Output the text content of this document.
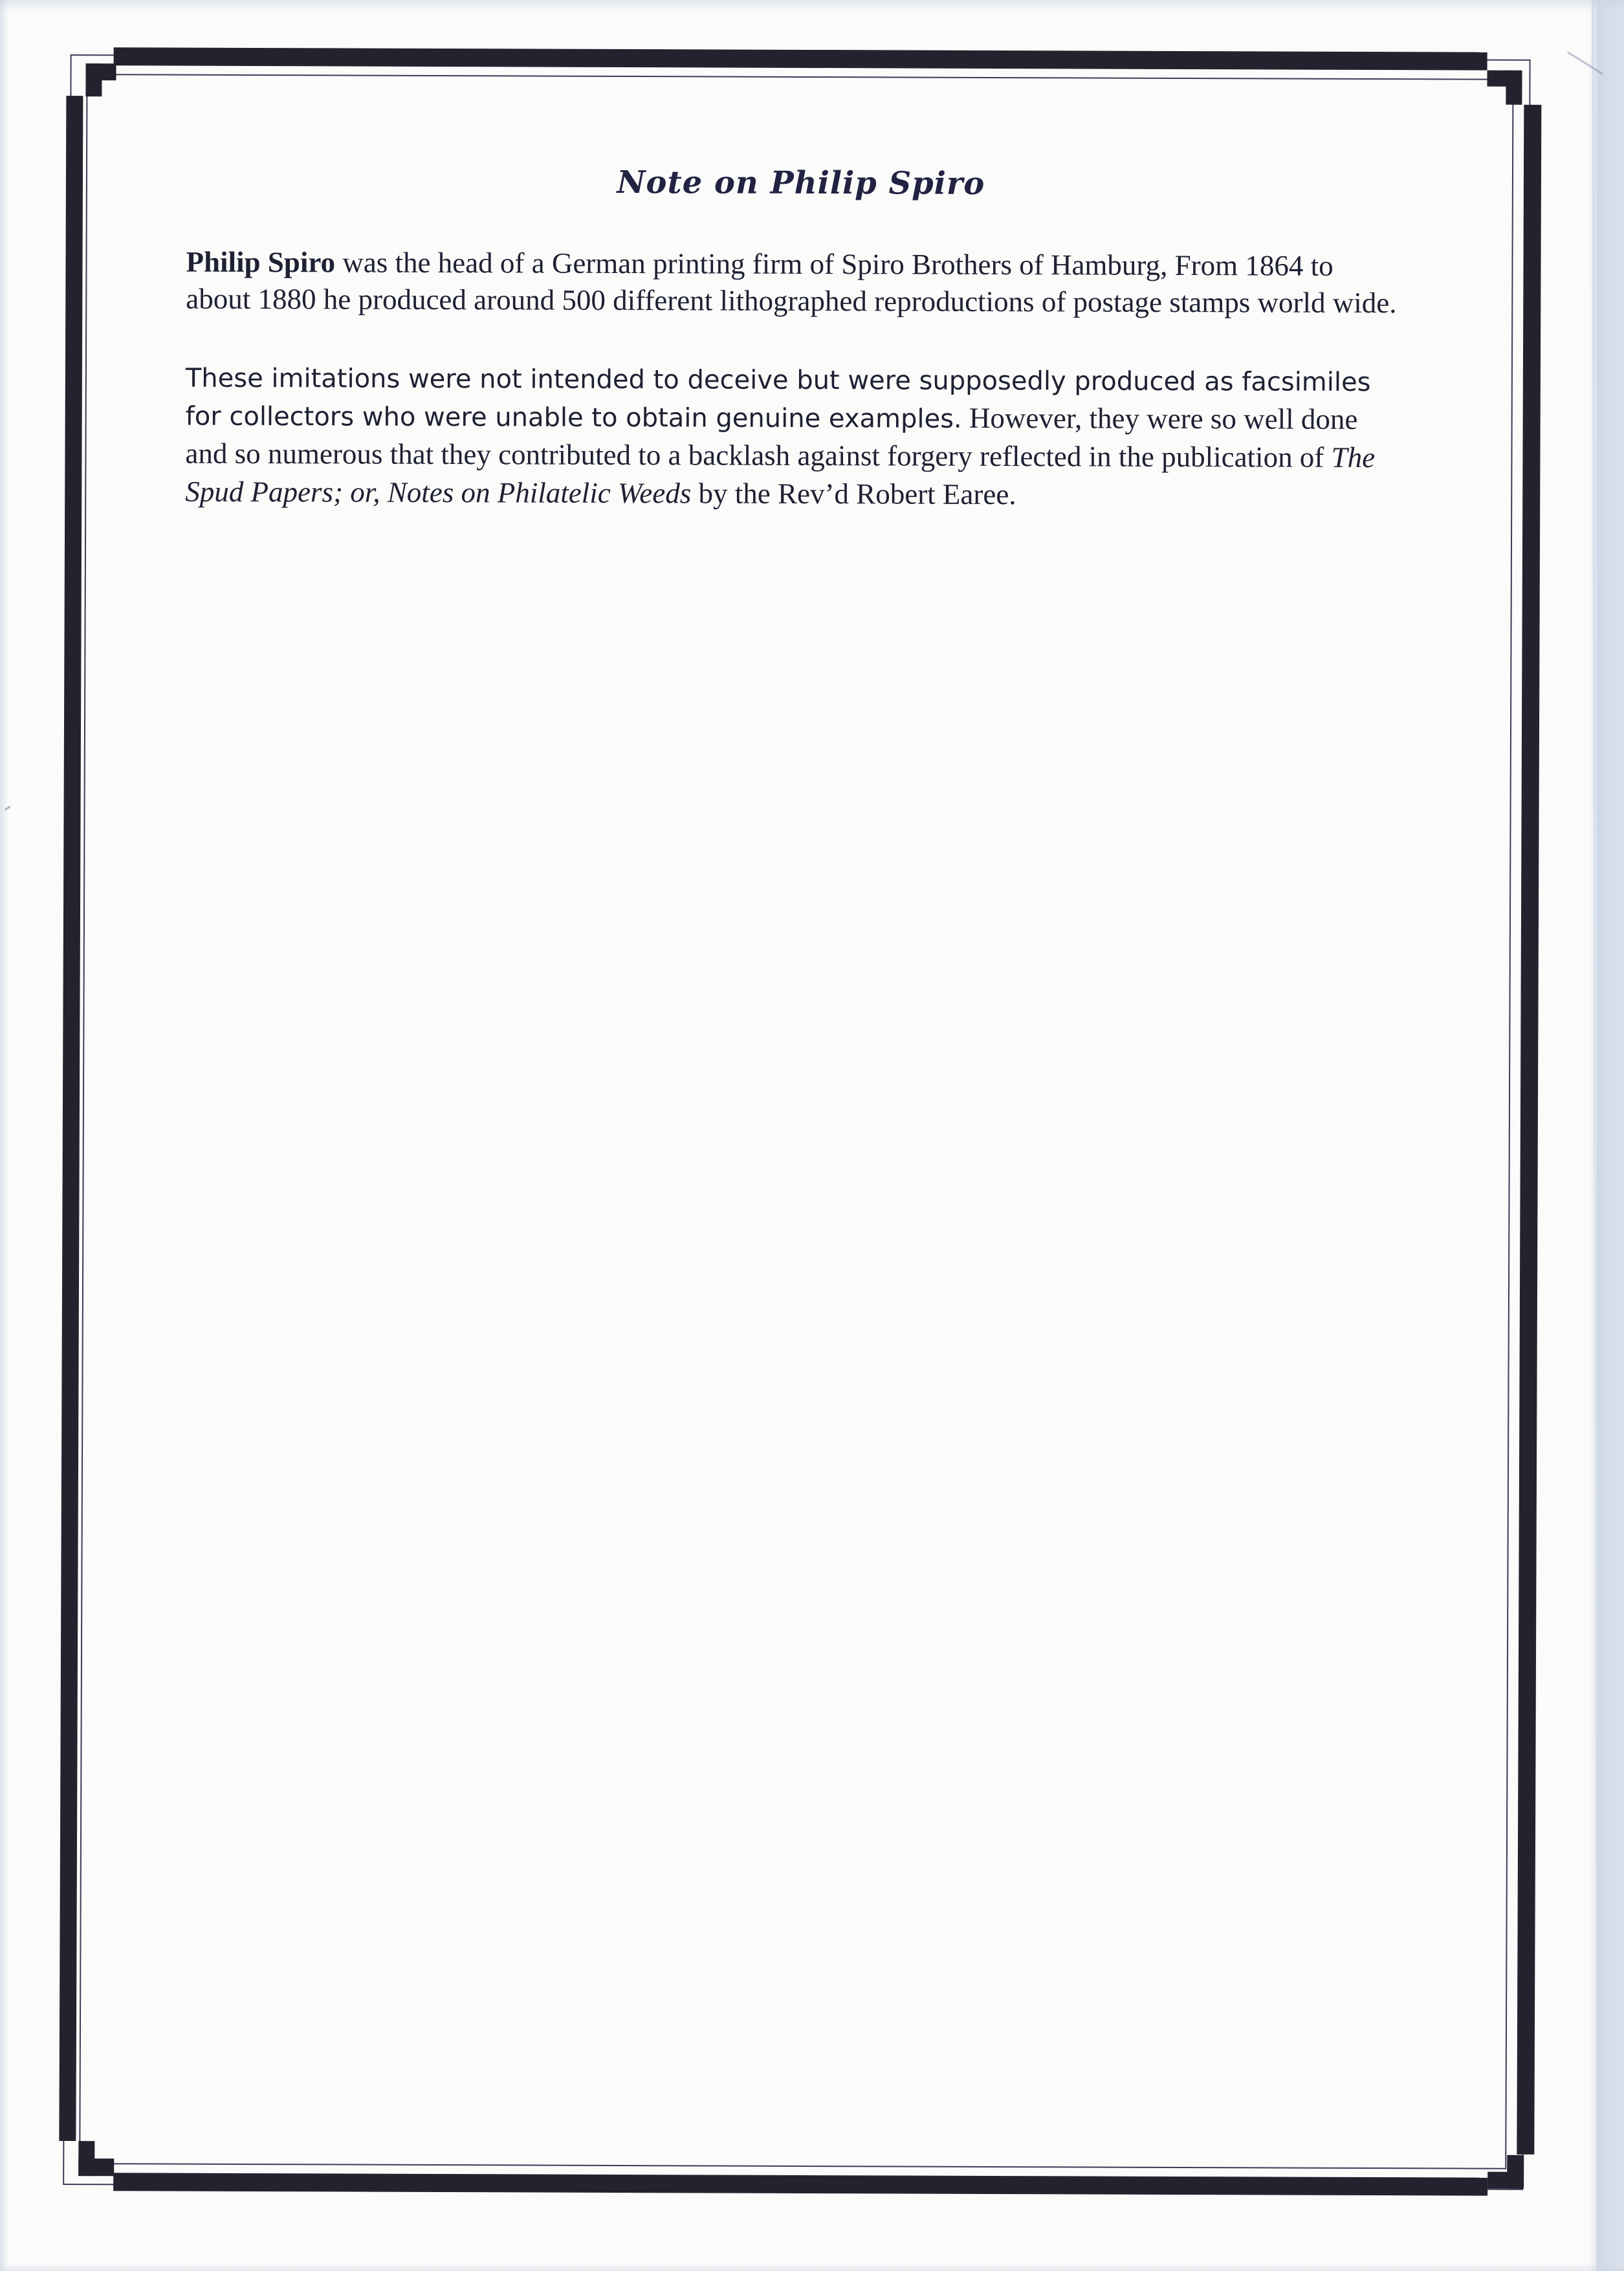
Note on Philip Spiro

Philip Spiro was the head of a German printing firm of Spiro Brothers of Hamburg, From 1864 to about 1880 he produced around 500 different lithographed reproductions of postage stamps world wide.

These imitations were not intended to deceive but were supposedly produced as facsimiles for collectors who were unable to obtain genuine examples. However, they were so well done and so numerous that they contributed to a backlash against forgery reflected in the publication of The Spud Papers; or, Notes on Philatelic Weeds by the Rev’d Robert Earee.
